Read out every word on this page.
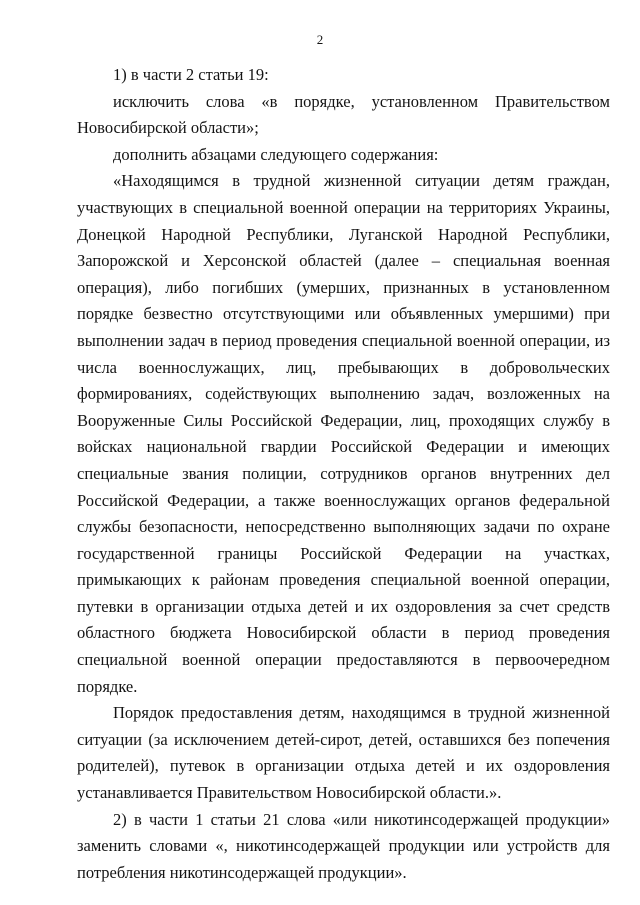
2

1) в части 2 статьи 19:

исключить слова «в порядке, установленном Правительством Новосибирской области»;

дополнить абзацами следующего содержания:

«Находящимся в трудной жизненной ситуации детям граждан, участвующих в специальной военной операции на территориях Украины, Донецкой Народной Республики, Луганской Народной Республики, Запорожской и Херсонской областей (далее – специальная военная операция), либо погибших (умерших, признанных в установленном порядке безвестно отсутствующими или объявленных умершими) при выполнении задач в период проведения специальной военной операции, из числа военнослужащих, лиц, пребывающих в добровольческих формированиях, содействующих выполнению задач, возложенных на Вооруженные Силы Российской Федерации, лиц, проходящих службу в войсках национальной гвардии Российской Федерации и имеющих специальные звания полиции, сотрудников органов внутренних дел Российской Федерации, а также военнослужащих органов федеральной службы безопасности, непосредственно выполняющих задачи по охране государственной границы Российской Федерации на участках, примыкающих к районам проведения специальной военной операции, путевки в организации отдыха детей и их оздоровления за счет средств областного бюджета Новосибирской области в период проведения специальной военной операции предоставляются в первоочередном порядке.

Порядок предоставления детям, находящимся в трудной жизненной ситуации (за исключением детей-сирот, детей, оставшихся без попечения родителей), путевок в организации отдыха детей и их оздоровления устанавливается Правительством Новосибирской области.».

2) в части 1 статьи 21 слова «или никотинсодержащей продукции» заменить словами «, никотинсодержащей продукции или устройств для потребления никотинсодержащей продукции».
